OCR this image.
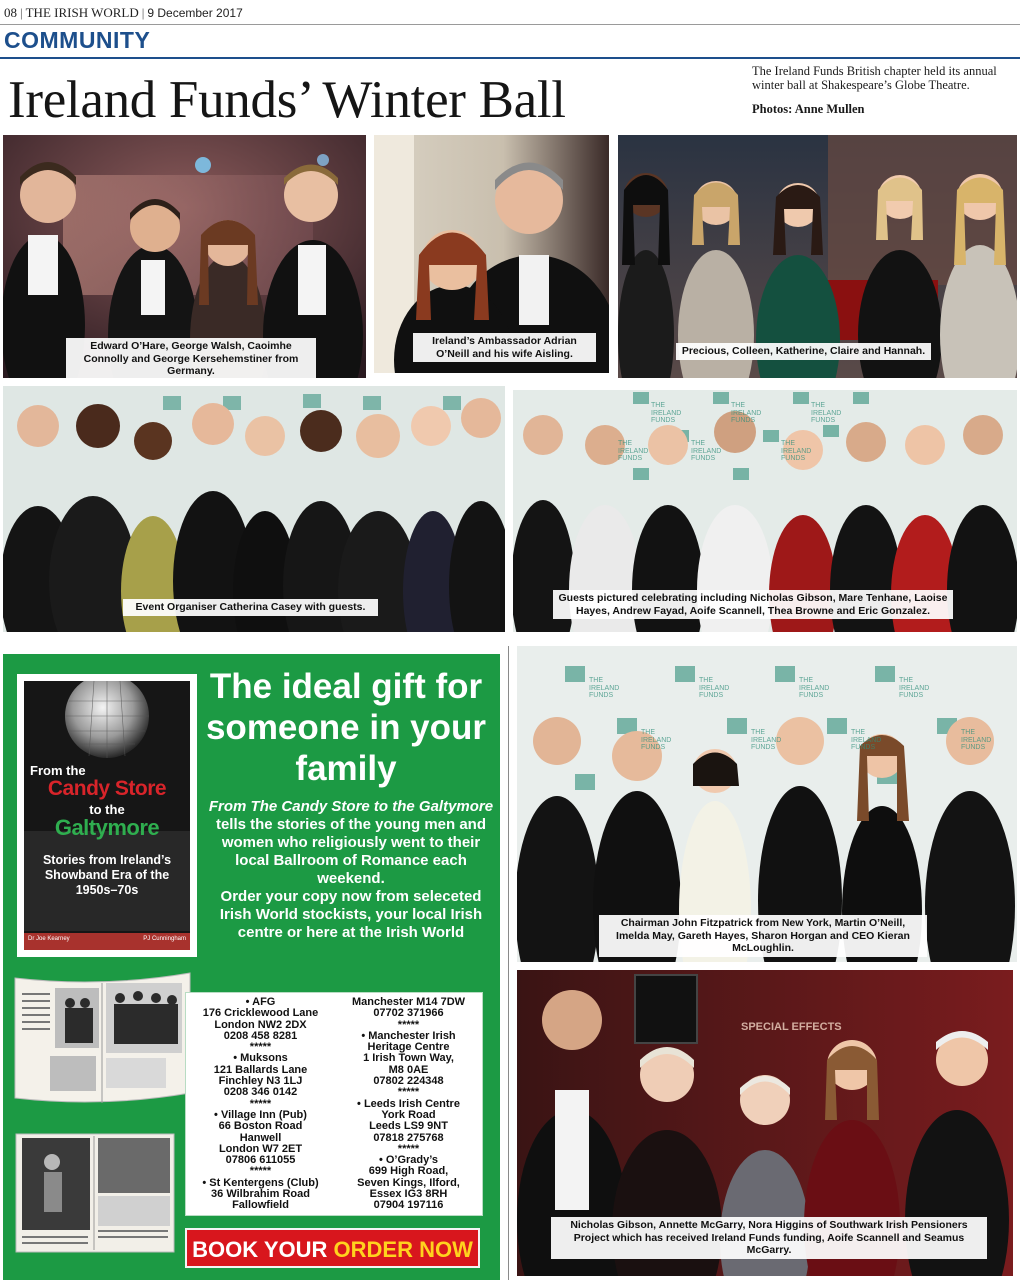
08 | THE IRISH WORLD | 9 December 2017
COMMUNITY
Ireland Funds’ Winter Ball	The Ireland Funds British chapter held its annual winter ball at Shakespeare’s Globe Theatre.
Photos: Anne Mullen
Edward O’Hare, George Walsh, Caoimhe Connolly and George Kersehemstiner from Germany.
Ireland’s Ambassador Adrian O’Neill and his wife Aisling.	Precious, Colleen, Katherine, Claire and Hannah.
Event Organiser Catherina Casey with guests.
Guests pictured celebrating including Nicholas Gibson, Mare Tenhane, Laoise Hayes, Andrew Fayad, Aoife Scannell, Thea Browne and Eric Gonzalez.
THE IRELAND FUNDS
THE IRELAND FUNDS
THE IRELAND FUNDS
THE IRELAND FUNDS
THE IRELAND FUNDS
THE IRELAND FUNDS
Chairman John Fitzpatrick from New York, Martin O’Neill, Imelda May, Gareth Hayes, Sharon Horgan and CEO Kieran McLoughlin.
THE IRELAND FUNDS
THE IRELAND FUNDS
THE IRELAND FUNDS
THE IRELAND FUNDS
THE IRELAND FUNDS
THE IRELAND FUNDS
THE IRELAND FUNDS
THE IRELAND FUNDS
SPECIAL EFFECTS
Nicholas Gibson, Annette McGarry, Nora Higgins of Southwark Irish Pensioners Project which has received Ireland Funds funding, Aoife Scannell and Seamus McGarry.
The ideal gift for someone in your family
From the
Candy Store
to the
Galtymore
Stories from Ireland’s Showband Era of the 1950s–70s
Dr Joe Kearney	PJ Cunningham
From The Candy Store to the Galtymore tells the stories of the young men and women who religiously went to their local Ballroom of Romance each weekend.
Order your copy now from seleceted Irish World stockists, your local Irish centre or here at the Irish World
• AFG
176 Cricklewood Lane
London NW2 2DX
0208 458 8281
*****
• Muksons
121 Ballards Lane
Finchley N3 1LJ
0208 346 0142
*****
• Village Inn (Pub)
66 Boston Road
Hanwell
London W7 2ET
07806 611055
*****
• St Kentergens (Club)
36 Wilbrahim Road
Fallowfield
Manchester M14 7DW
07702 371966
*****
• Manchester Irish
Heritage Centre
1 Irish Town Way,
M8 0AE
07802 224348
*****
• Leeds Irish Centre
York Road
Leeds LS9 9NT
07818 275768
*****
• O’Grady’s
699 High Road,
Seven Kings, Ilford,
Essex IG3 8RH
07904 197116
BOOK YOUR ORDER NOW
